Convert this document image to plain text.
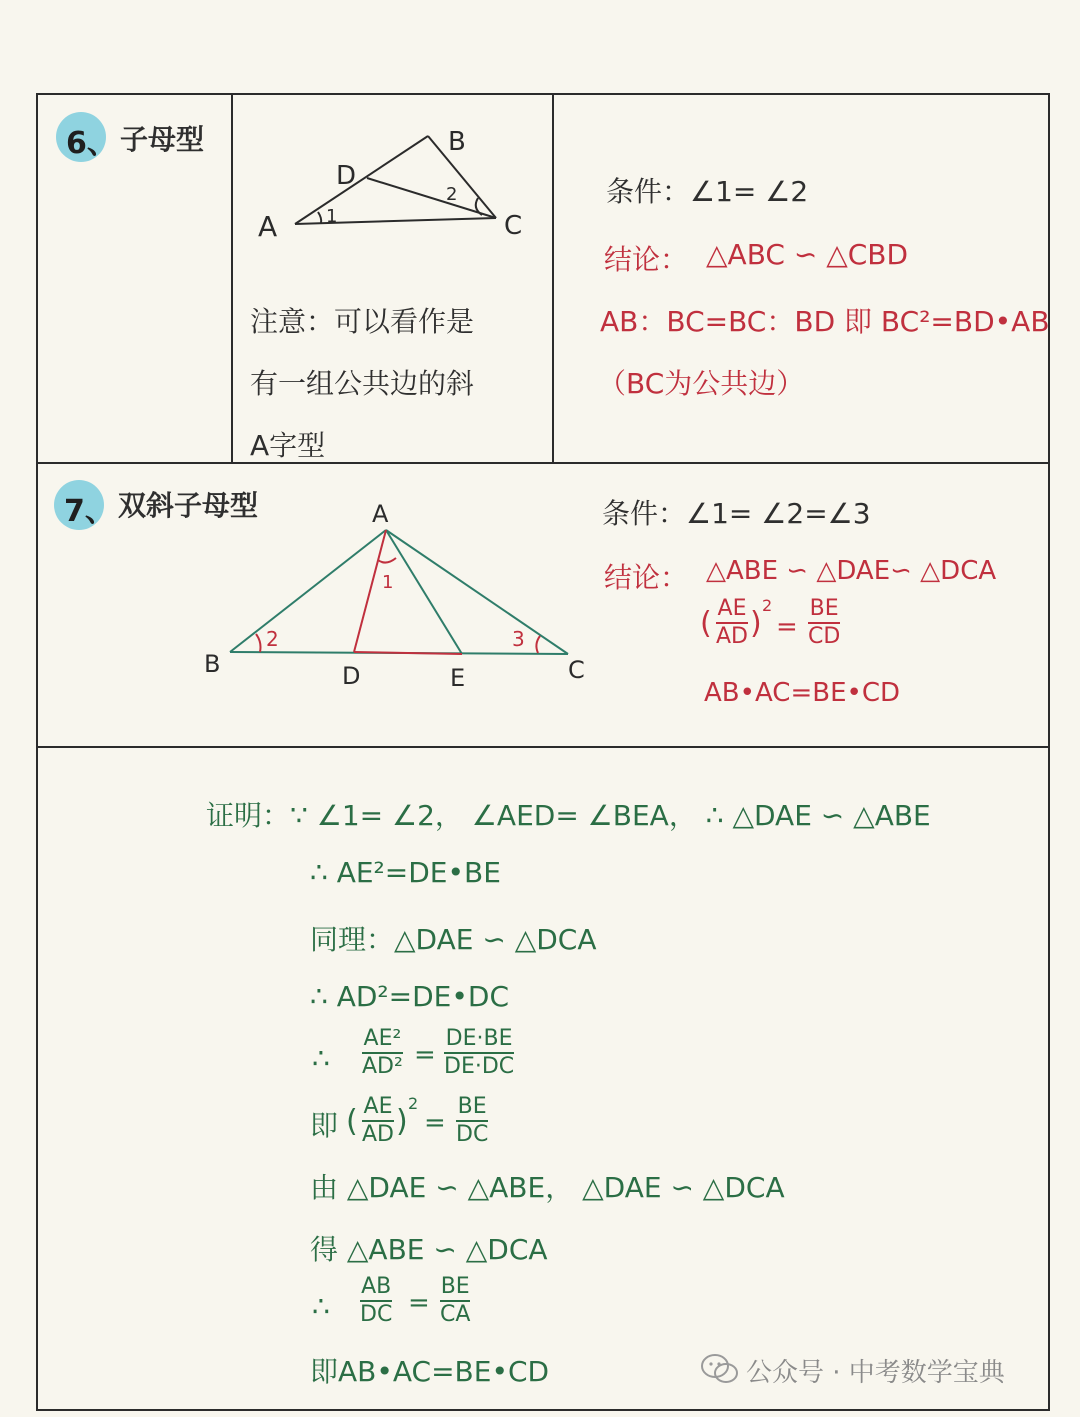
6、 子母型
A
B
C
D
1
2
注意：可以看作是
有一组公共边的斜
A字型
条件：∠1= ∠2
结论： △ABC ∽ △CBD
AB：BC=BC：BD 即 BC²=BD•AB
（BC为公共边）
7、 双斜子母型	A
B	C
D	E
1
2	3
条件：∠1= ∠2=∠3
结论： △ABE ∽ △DAE∽ △DCA
( AE
AD )
2
=
BE
CD
AB•AC=BE•CD
证明：∵ ∠1= ∠2， ∠AED= ∠BEA， ∴ △DAE ∽ △ABE
∴ AE²=DE•BE
同理：△DAE ∽ △DCA
∴ AD²=DE•DC
∴
AE²
AD² =
DE·BE
DE·DC
即 ( AE
AD )
2
=
BE
DC
由 △DAE ∽ △ABE， △DAE ∽ △DCA
得 △ABE ∽ △DCA
∴
AB
DC =
BE
CA
即AB•AC=BE•CD	公众号 · 中考数学宝典
